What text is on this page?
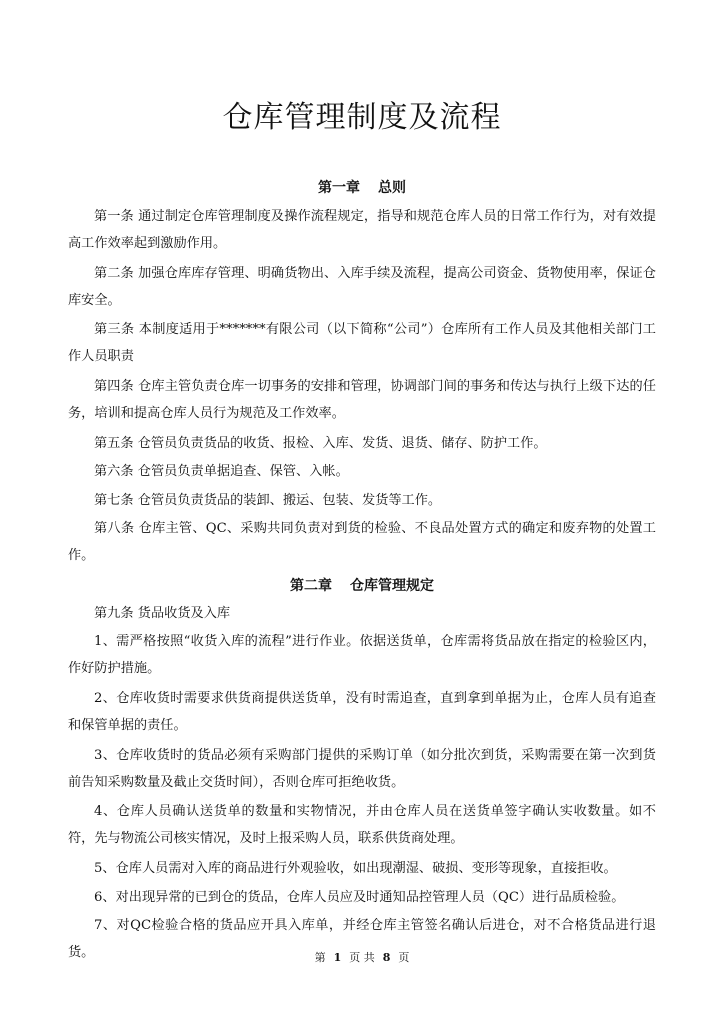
仓库管理制度及流程
第一章 总则

第一条 通过制定仓库管理制度及操作流程规定，指导和规范仓库人员的日常工作行为，对有效提高工作效率起到激励作用。

第二条 加强仓库库存管理、明确货物出、入库手续及流程，提高公司资金、货物使用率，保证仓库安全。

第三条 本制度适用于*******有限公司（以下简称“公司”）仓库所有工作人员及其他相关部门工作人员职责

第四条 仓库主管负责仓库一切事务的安排和管理，协调部门间的事务和传达与执行上级下达的任务，培训和提高仓库人员行为规范及工作效率。

第五条 仓管员负责货品的收货、报检、入库、发货、退货、储存、防护工作。

第六条 仓管员负责单据追查、保管、入帐。

第七条 仓管员负责货品的装卸、搬运、包装、发货等工作。

第八条 仓库主管、QC、采购共同负责对到货的检验、不良品处置方式的确定和废弃物的处置工作。

第二章 仓库管理规定

第九条 货品收货及入库

1、需严格按照“收货入库的流程”进行作业。依据送货单，仓库需将货品放在指定的检验区内，作好防护措施。

2、仓库收货时需要求供货商提供送货单，没有时需追查，直到拿到单据为止，仓库人员有追查和保管单据的责任。

3、仓库收货时的货品必须有采购部门提供的采购订单（如分批次到货，采购需要在第一次到货前告知采购数量及截止交货时间），否则仓库可拒绝收货。

4、仓库人员确认送货单的数量和实物情况，并由仓库人员在送货单签字确认实收数量。如不符，先与物流公司核实情况，及时上报采购人员，联系供货商处理。

5、仓库人员需对入库的商品进行外观验收，如出现潮湿、破损、变形等现象，直接拒收。

6、对出现异常的已到仓的货品，仓库人员应及时通知品控管理人员（QC）进行品质检验。

7、对QC检验合格的货品应开具入库单，并经仓库主管签名确认后进仓，对不合格货品进行退货。	第 1 页 共 8 页
